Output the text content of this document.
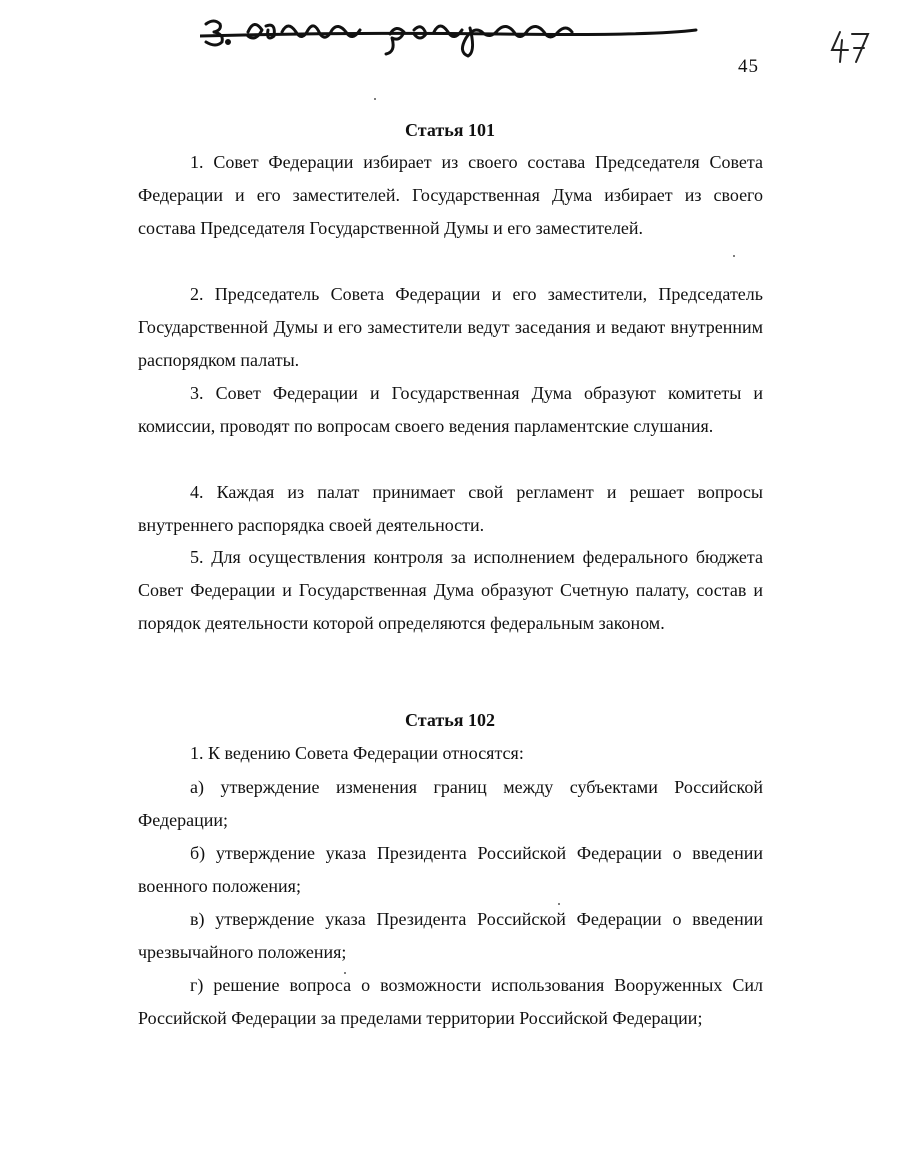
45
Статья 101

1. Совет Федерации избирает из своего состава Председателя Совета Федерации и его заместителей. Государственная Дума избирает из своего состава Председателя Государственной Думы и его заместителей.

2. Председатель Совета Федерации и его заместители, Председатель Государственной Думы и его заместители ведут заседания и ведают внутренним распорядком палаты.

3. Совет Федерации и Государственная Дума образуют комитеты и комиссии, проводят по вопросам своего ведения парламентские слушания.

4. Каждая из палат принимает свой регламент и решает вопросы внутреннего распорядка своей деятельности.

5. Для осуществления контроля за исполнением федерального бюджета Совет Федерации и Государственная Дума образуют Счетную палату, состав и порядок деятельности которой определяются федеральным законом.

Статья 102

1. К ведению Совета Федерации относятся:

а) утверждение изменения границ между субъектами Российской Федерации;

б) утверждение указа Президента Российской Федерации о введении военного положения;

в) утверждение указа Президента Российской Федерации о введении чрезвычайного положения;

г) решение вопроса о возможности использования Вооруженных Сил Российской Федерации за пределами территории Российской Федерации;
